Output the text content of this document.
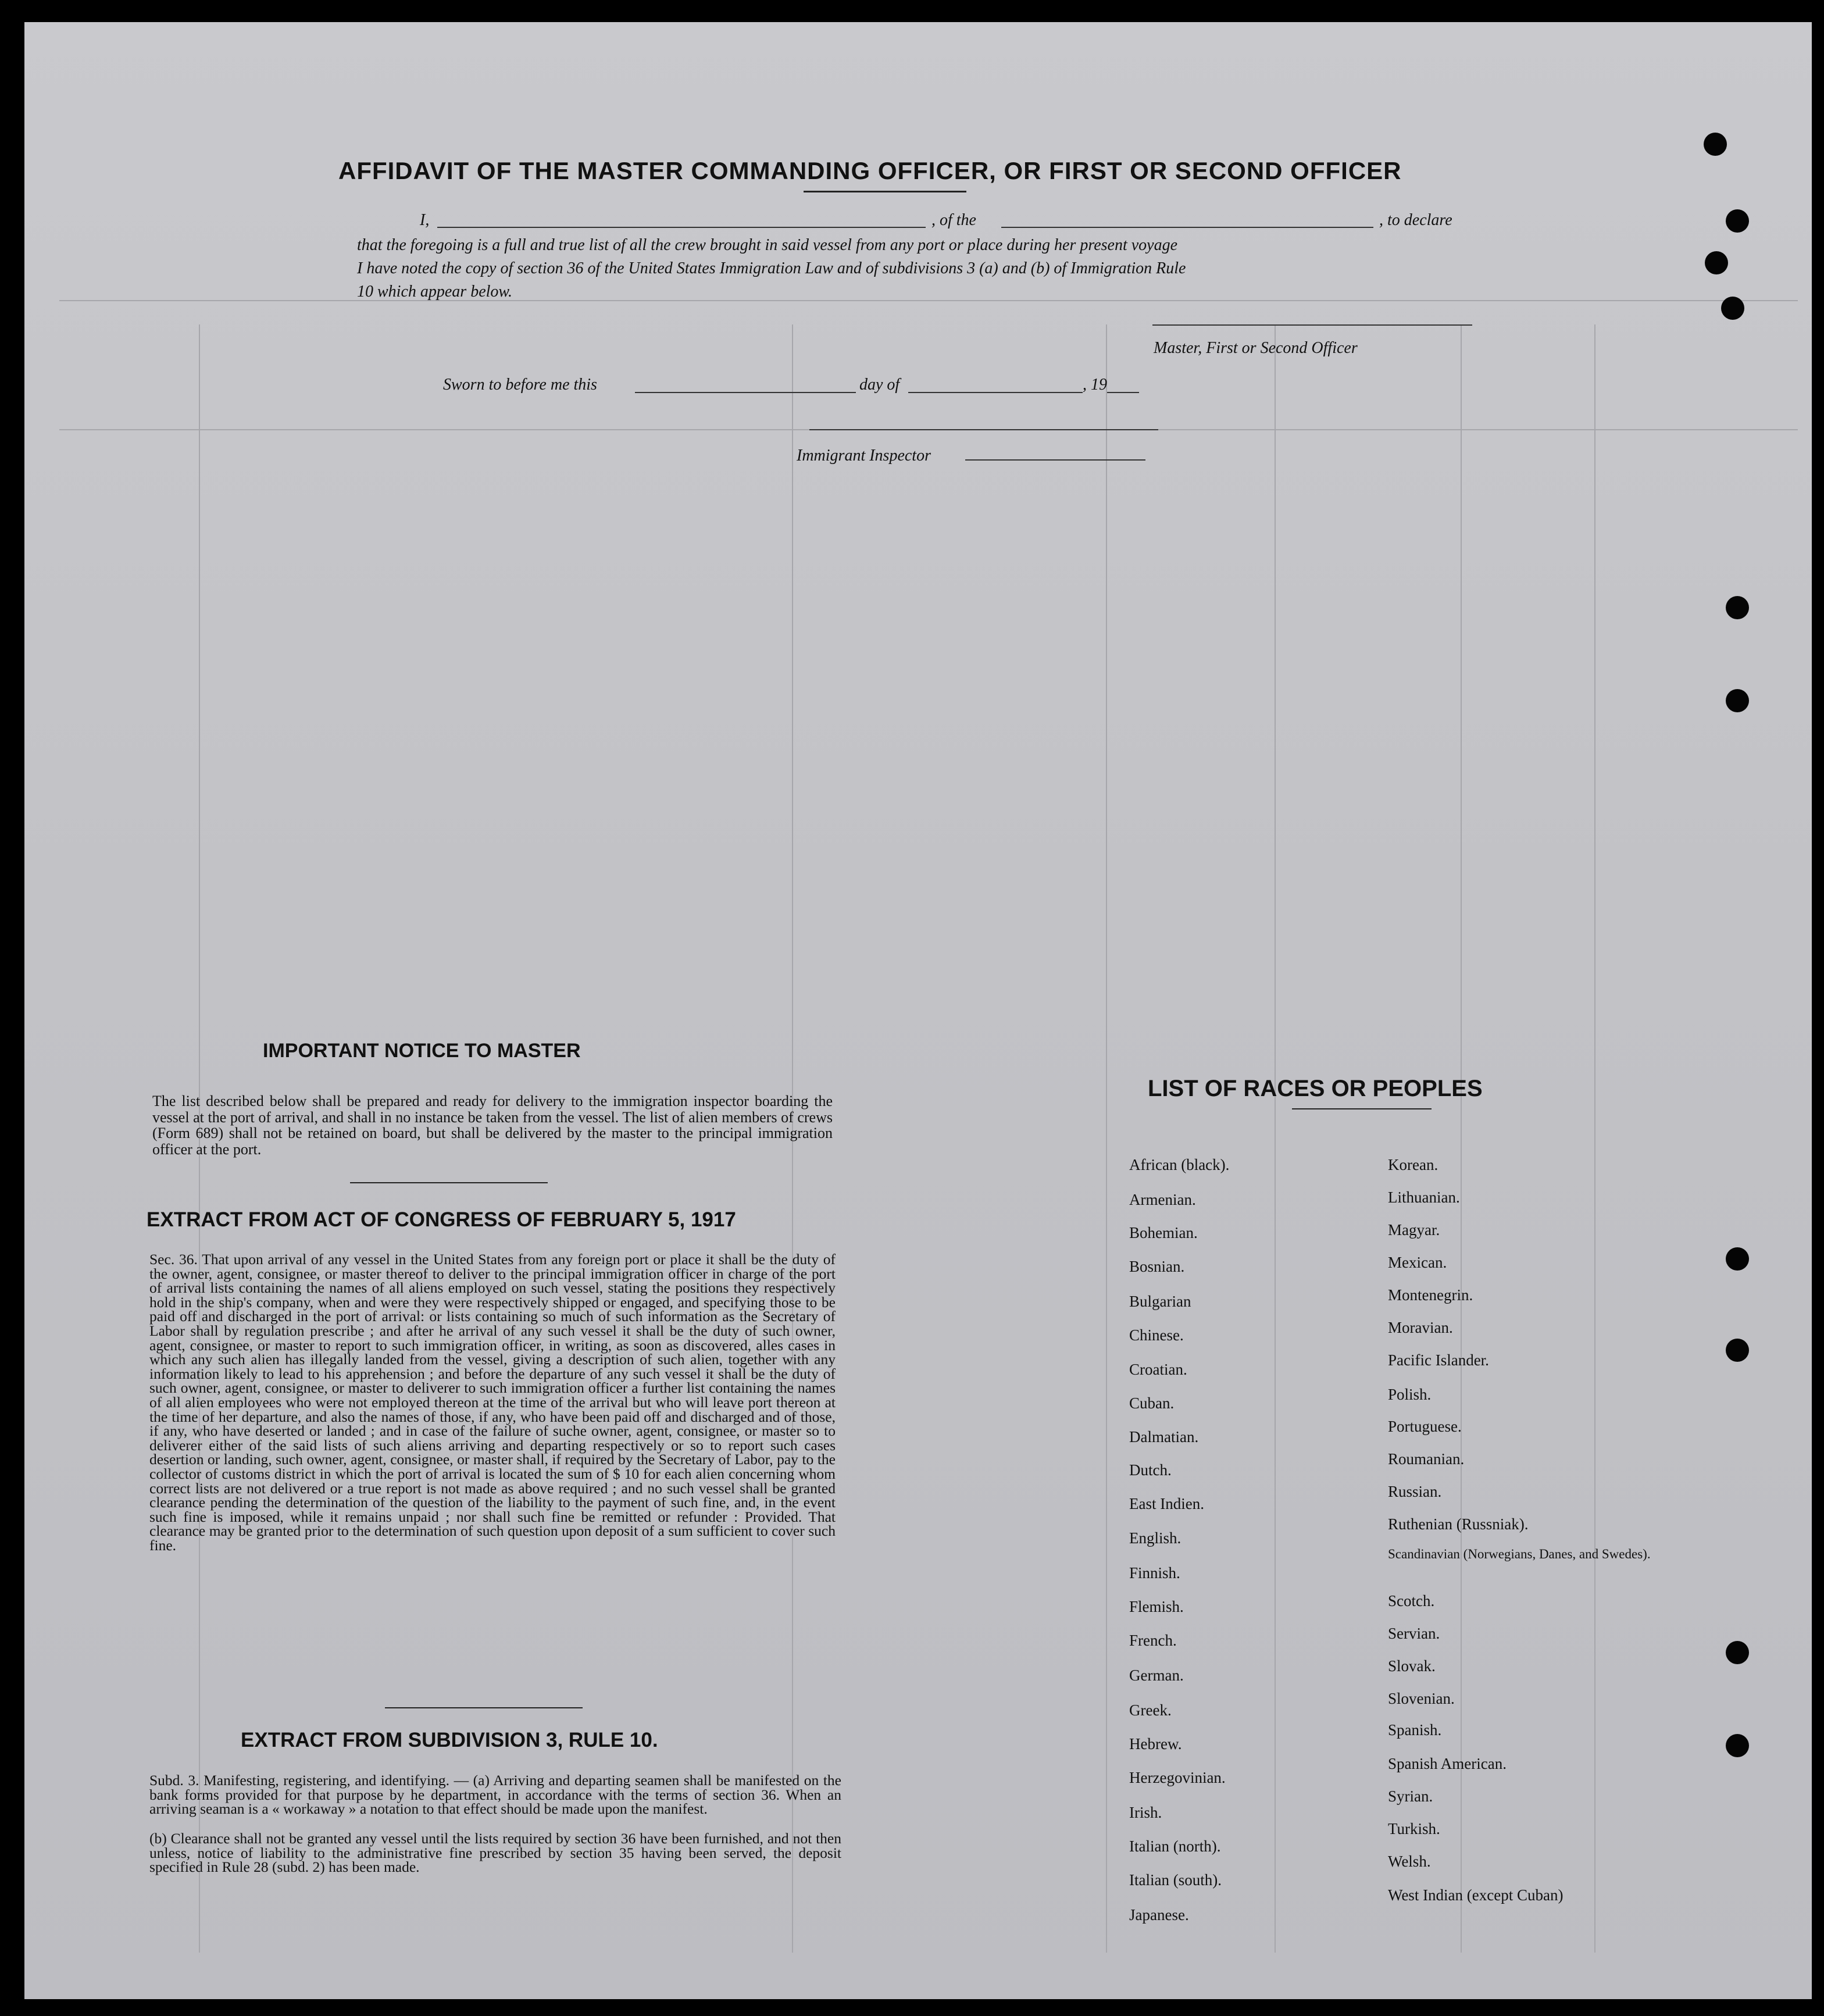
AFFIDAVIT OF THE MASTER COMMANDING OFFICER, OR FIRST OR SECOND OFFICER
I,	, of the	, to declare
that the foregoing is a full and true list of all the crew brought in said vessel from any port or place during her present voyage
I have noted the copy of section 36 of the United States Immigration Law and of subdivisions 3 (a) and (b) of Immigration Rule
10 which appear below.
Master, First or Second Officer
Sworn to before me this	day of	, 19
Immigrant Inspector
IMPORTANT NOTICE TO MASTER
The list described below shall be prepared and ready for delivery to the immigration inspector boarding the vessel at the port of arrival, and shall in no instance be taken from the vessel. The list of alien members of crews (Form 689) shall not be retained on board, but shall be delivered by the master to the principal immigration officer at the port.
EXTRACT FROM ACT OF CONGRESS OF FEBRUARY 5, 1917
Sec. 36. That upon arrival of any vessel in the United States from any foreign port or place it shall be the duty of the owner, agent, consignee, or master thereof to deliver to the principal immigration officer in charge of the port of arrival lists containing the names of all aliens employed on such vessel, stating the positions they respectively hold in the ship's company, when and were they were respectively shipped or engaged, and specifying those to be paid off and discharged in the port of arrival: or lists containing so much of such information as the Secretary of Labor shall by regulation prescribe ; and after he arrival of any such vessel it shall be the duty of such owner, agent, consignee, or master to report to such immigration officer, in writing, as soon as discovered, alles cases in which any such alien has illegally landed from the vessel, giving a description of such alien, together with any information likely to lead to his apprehension ; and before the departure of any such vessel it shall be the duty of such owner, agent, consignee, or master to deliverer to such immigration officer a further list containing the names of all alien employees who were not employed thereon at the time of the arrival but who will leave port thereon at the time of her departure, and also the names of those, if any, who have been paid off and discharged and of those, if any, who have deserted or landed ; and in case of the failure of suche owner, agent, consignee, or master so to deliverer either of the said lists of such aliens arriving and departing respectively or so to report such cases desertion or landing, such owner, agent, consignee, or master shall, if required by the Secretary of Labor, pay to the collector of customs district in which the port of arrival is located the sum of $ 10 for each alien concerning whom correct lists are not delivered or a true report is not made as above required ; and no such vessel shall be granted clearance pending the determination of the question of the liability to the payment of such fine, and, in the event such fine is imposed, while it remains unpaid ; nor shall such fine be remitted or refunder : Provided. That clearance may be granted prior to the determination of such question upon deposit of a sum sufficient to cover such fine.
EXTRACT FROM SUBDIVISION 3, RULE 10.
Subd. 3. Manifesting, registering, and identifying. — (a) Arriving and departing seamen shall be manifested on the bank forms provided for that purpose by he department, in accordance with the terms of section 36. When an arriving seaman is a « workaway » a notation to that effect should be made upon the manifest.
(b) Clearance shall not be granted any vessel until the lists required by section 36 have been furnished, and not then unless, notice of liability to the administrative fine prescribed by section 35 having been served, the deposit specified in Rule 28 (subd. 2) has been made.
LIST OF RACES OR PEOPLES
African (black).
Armenian.
Bohemian.
Bosnian.
Bulgarian
Chinese.
Croatian.
Cuban.
Dalmatian.
Dutch.
East Indien.
English.
Finnish.
Flemish.
French.
German.
Greek.
Hebrew.
Herzegovinian.
Irish.
Italian (north).
Italian (south).
Japanese.
Korean.
Lithuanian.
Magyar.
Mexican.
Montenegrin.
Moravian.
Pacific Islander.
Polish.
Portuguese.
Roumanian.
Russian.
Ruthenian (Russniak).
Scandinavian (Norwegians, Danes, and Swedes).
Scotch.
Servian.
Slovak.
Slovenian.
Spanish.
Spanish American.
Syrian.
Turkish.
Welsh.
West Indian (except Cuban)
